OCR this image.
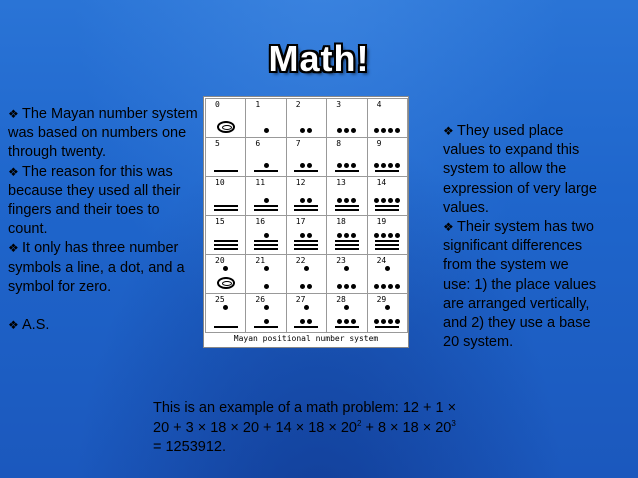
Math!

❖ The Mayan number system was based on numbers one through twenty.

❖ The reason for this was because they used all their fingers and their toes to count.

❖ It only has three number symbols a line, a dot, and a symbol for zero.

❖ A.S.

0	1	2	3	4
5	6	7	8	9
10	11	12	13	14
15	16	17	18	19
20	21	22	23	24
25	26	27	28	29
Mayan positional number system

❖ They used place values to expand this system to allow the expression of very large values.

❖ Their system has two significant differences from the system we use: 1) the place values are arranged vertically, and 2) they use a base 20 system.

This is an example of a math problem: $12 + 1 \times 20 + 3 \times 18 \times 20 + 14 \times 18 \times 20^2 + 8 \times 18 \times 20^3 = 1253912$.
